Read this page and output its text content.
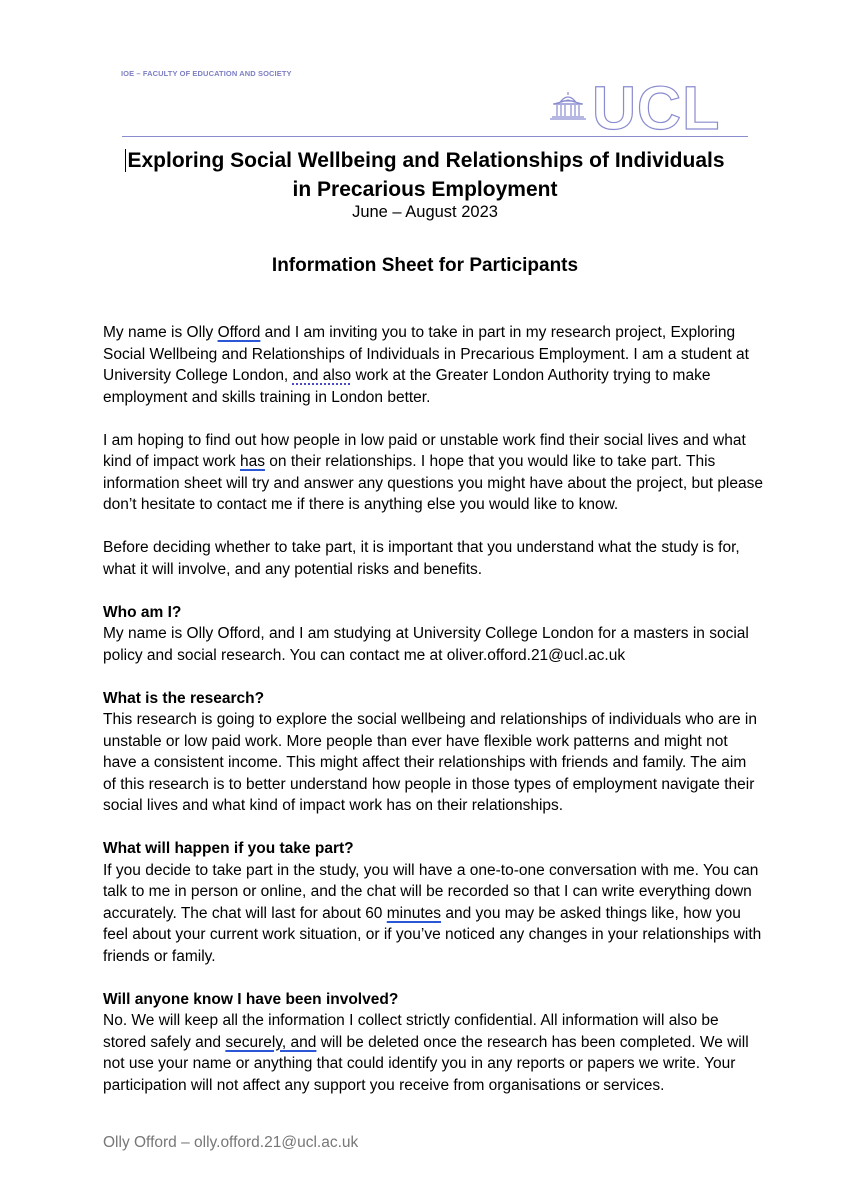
IOE – FACULTY OF EDUCATION AND SOCIETY
UCL
Exploring Social Wellbeing and Relationships of Individuals in Precarious Employment
June – August 2023
Information Sheet for Participants

My name is Olly Offord and I am inviting you to take in part in my research project, Exploring Social Wellbeing and Relationships of Individuals in Precarious Employment. I am a student at University College London, and also work at the Greater London Authority trying to make employment and skills training in London better.

I am hoping to find out how people in low paid or unstable work find their social lives and what kind of impact work has on their relationships. I hope that you would like to take part. This information sheet will try and answer any questions you might have about the project, but please don’t hesitate to contact me if there is anything else you would like to know.

Before deciding whether to take part, it is important that you understand what the study is for, what it will involve, and any potential risks and benefits.

Who am I?

My name is Olly Offord, and I am studying at University College London for a masters in social policy and social research. You can contact me at oliver.offord.21@ucl.ac.uk

What is the research?

This research is going to explore the social wellbeing and relationships of individuals who are in unstable or low paid work. More people than ever have flexible work patterns and might not have a consistent income. This might affect their relationships with friends and family. The aim of this research is to better understand how people in those types of employment navigate their social lives and what kind of impact work has on their relationships.

What will happen if you take part?

If you decide to take part in the study, you will have a one-to-one conversation with me. You can talk to me in person or online, and the chat will be recorded so that I can write everything down accurately. The chat will last for about 60 minutes and you may be asked things like, how you feel about your current work situation, or if you’ve noticed any changes in your relationships with friends or family.

Will anyone know I have been involved?

No. We will keep all the information I collect strictly confidential. All information will also be stored safely and securely, and will be deleted once the research has been completed. We will not use your name or anything that could identify you in any reports or papers we write. Your participation will not affect any support you receive from organisations or services.

Olly Offord – olly.offord.21@ucl.ac.uk
